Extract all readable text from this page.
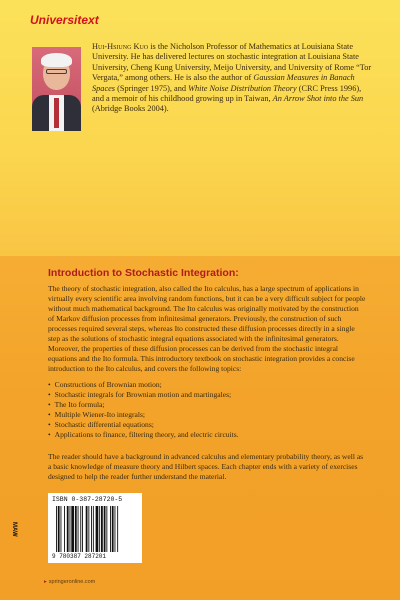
Universitext
Hui-Hsiung Kuo is the Nicholson Professor of Mathematics at Louisiana State University. He has delivered lectures on stochastic integration at Louisiana State University, Cheng Kung University, Meijo University, and University of Rome “Tor Vergata,” among others. He is also the author of Gaussian Measures in Banach Spaces (Springer 1975), and White Noise Distribution Theory (CRC Press 1996), and a memoir of his childhood growing up in Taiwan, An Arrow Shot into the Sun (Abridge Books 2004).
Introduction to Stochastic Integration:

The theory of stochastic integration, also called the Ito calculus, has a large spectrum of applications in virtually every scientific area involving random functions, but it can be a very difficult subject for people without much mathematical background. The Ito calculus was originally motivated by the construction of Markov diffusion processes from infinitesimal generators. Previously, the construction of such processes required several steps, whereas Ito constructed these diffusion processes directly in a single step as the solutions of stochastic integral equations associated with the infinitesimal generators. Moreover, the properties of these diffusion processes can be derived from the stochastic integral equations and the Ito formula. This introductory textbook on stochastic integration provides a concise introduction to the Ito calculus, and covers the following topics:

• Constructions of Brownian motion;
• Stochastic integrals for Brownian motion and martingales;
• The Ito formula;
• Multiple Wiener-Ito integrals;
• Stochastic differential equations;
• Applications to finance, filtering theory, and electric circuits.
The reader should have a background in advanced calculus and elementary probability theory, as well as a basic knowledge of measure theory and Hilbert spaces. Each chapter ends with a variety of exercises designed to help the reader further understand the material.
ISBN 0-387-28720-5
9 780387 287201
MAW
▸ springeronline.com
